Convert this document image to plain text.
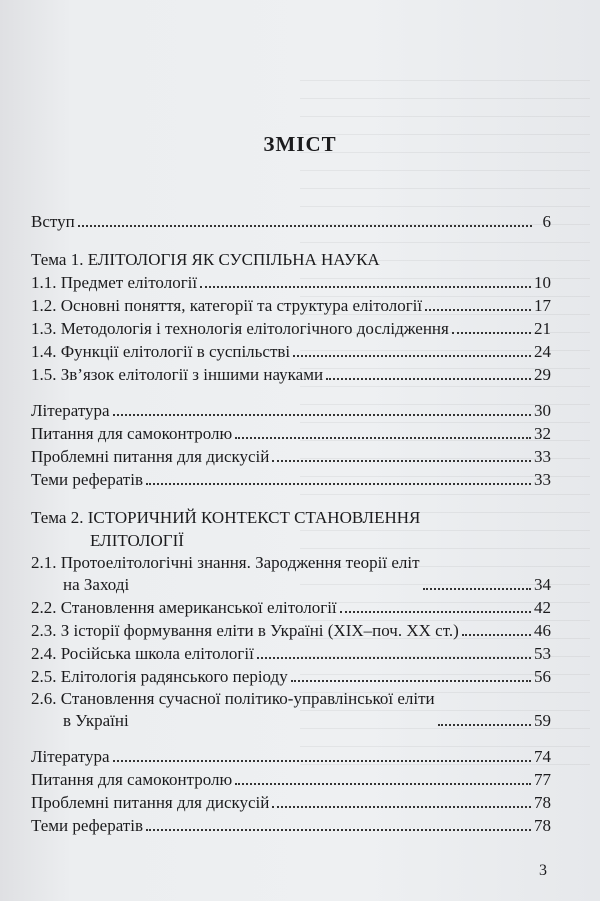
ЗМІСТ
Вступ	6
Тема 1. ЕЛІТОЛОГІЯ ЯК СУСПІЛЬНА НАУКА
1.1. Предмет елітології	10
1.2. Основні поняття, категорії та структура елітології	17
1.3. Методологія і технологія елітологічного дослідження	21
1.4. Функції елітології в суспільстві	24
1.5. Зв’язок елітології з іншими науками	29
Література	30
Питання для самоконтролю	32
Проблемні питання для дискусій	33
Теми рефератів	33
Тема 2. ІСТОРИЧНИЙ КОНТЕКСТ СТАНОВЛЕННЯ
ЕЛІТОЛОГІЇ
2.1. Протоелітологічні знання. Зародження теорії еліт
на Заході	34
2.2. Становлення американської елітології	42
2.3. З історії формування еліти в Україні (XIX–поч. XX ст.)	46
2.4. Російська школа елітології	53
2.5. Елітологія радянського періоду	56
2.6. Становлення сучасної політико-управлінської еліти
в Україні	59
Література	74
Питання для самоконтролю	77
Проблемні питання для дискусій	78
Теми рефератів	78
3
